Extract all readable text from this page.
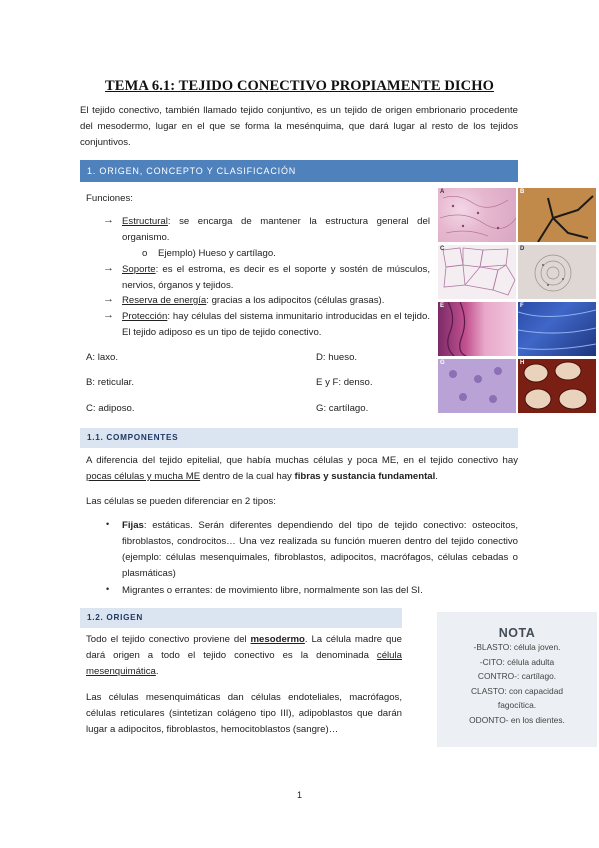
TEMA 6.1: TEJIDO CONECTIVO PROPIAMENTE DICHO
El tejido conectivo, también llamado tejido conjuntivo, es un tejido de origen embrionario procedente del mesodermo, lugar en el que se forma la mesénquima, que dará lugar al resto de los tejidos conjuntivos.
1. ORIGEN, CONCEPTO Y CLASIFICACIÓN
Funciones:
→ Estructural: se encarga de mantener la estructura general del organismo.
o Ejemplo) Hueso y cartílago.
→ Soporte: es el estroma, es decir es el soporte y sostén de músculos, nervios, órganos y tejidos.
→ Reserva de energía: gracias a los adipocitos (células grasas).
→ Protección: hay células del sistema inmunitario introducidas en el tejido. El tejido adiposo es un tipo de tejido conectivo.
A: laxo.	D: hueso.
B: reticular.	E y F: denso.
C: adiposo.	G: cartílago.
A	B
C	D
E	F
G	H
1.1. COMPONENTES
A diferencia del tejido epitelial, que había muchas células y poca ME, en el tejido conectivo hay pocas células y mucha ME dentro de la cual hay fibras y sustancia fundamental.
Las células se pueden diferenciar en 2 tipos:
• Fijas: estáticas. Serán diferentes dependiendo del tipo de tejido conectivo: osteocitos, fibroblastos, condrocitos… Una vez realizada su función mueren dentro del tejido conectivo (ejemplo: células mesenquimales, fibroblastos, adipocitos, macrófagos, células cebadas o plasmáticas)
• Migrantes o errantes: de movimiento libre, normalmente son las del SI.
1.2. ORIGEN
Todo el tejido conectivo proviene del mesodermo. La célula madre que dará origen a todo el tejido conectivo es la denominada célula mesenquimática.
Las células mesenquimáticas dan células endoteliales, macrófagos, células reticulares (sintetizan colágeno tipo III), adipoblastos que darán lugar a adipocitos, fibroblastos, hemocitoblastos (sangre)…
NOTA
-BLASTO: célula joven.
-CITO: célula adulta
CONTRO-: cartílago.
CLASTO: con capacidad
fagocítica.
ODONTO- en los dientes.
1
